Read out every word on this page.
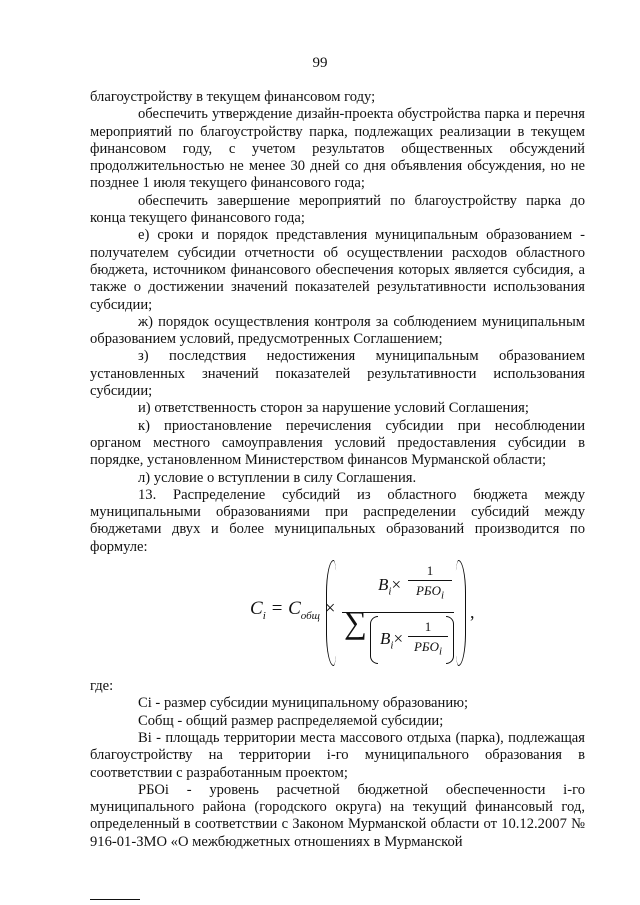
99

благоустройству в текущем финансовом году;

обеспечить утверждение дизайн-проекта обустройства парка и перечня мероприятий по благоустройству парка, подлежащих реализации в текущем финансовом году, с учетом результатов общественных обсуждений продолжительностью не менее 30 дней со дня объявления обсуждения, но не позднее 1 июля текущего финансового года;

обеспечить завершение мероприятий по благоустройству парка до конца текущего финансового года;

е) сроки и порядок представления муниципальным образованием - получателем субсидии отчетности об осуществлении расходов областного бюджета, источником финансового обеспечения которых является субсидия, а также о достижении значений показателей результативности использования субсидии;

ж) порядок осуществления контроля за соблюдением муниципальным образованием условий, предусмотренных Соглашением;

з) последствия недостижения муниципальным образованием установленных значений показателей результативности использования субсидии;

и) ответственность сторон за нарушение условий Соглашения;

к) приостановление перечисления субсидии при несоблюдении органом местного самоуправления условий предоставления субсидии в порядке, установленном Министерством финансов Мурманской области;

л) условие о вступлении в силу Соглашения.

13. Распределение субсидий из областного бюджета между муниципальными образованиями при распределении субсидий между бюджетами двух и более муниципальных образований производится по формуле:

$C_i = C_{общ}$ ×
$B_i\times$
1
$РБО_i$
∑ $B_i\times$
1
$РБО_i$
,

где:

Сi - размер субсидии муниципальному образованию;

Cобщ - общий размер распределяемой субсидии;

Вi - площадь территории места массового отдыха (парка), подлежащая благоустройству на территории i-го муниципального образования в соответствии с разработанным проектом;

РБОi - уровень расчетной бюджетной обеспеченности i-го муниципального района (городского округа) на текущий финансовый год, определенный в соответствии с Законом Мурманской области от 10.12.2007 № 916-01-ЗМО «О межбюджетных отношениях в Мурманской
